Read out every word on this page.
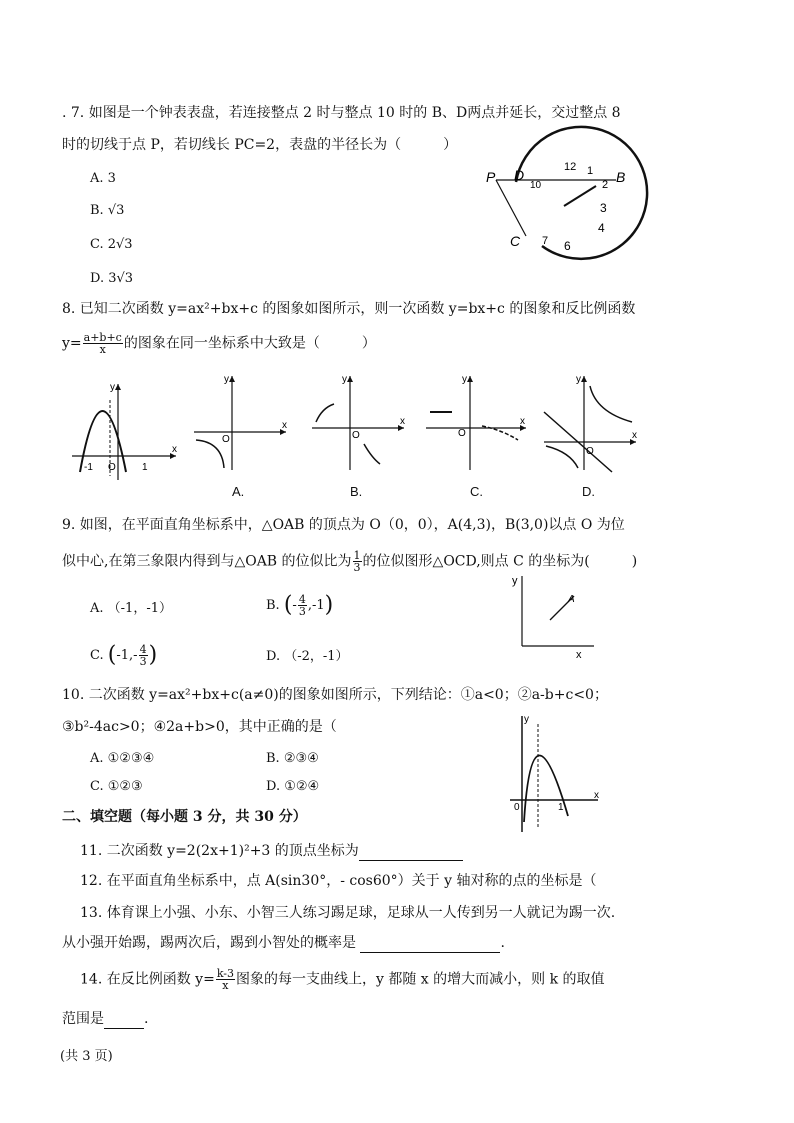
. 7. 如图是一个钟表表盘，若连接整点 2 时与整点 10 时的 B、D两点并延长，交过整点 8
时的切线于点 P，若切线长 PC=2，表盘的半径长为（　　　）
A. 3
B. √3
C. 2√3
D. 3√3
P D	B
C
10
12 1
2
3
4
6
7
8. 已知二次函数 y=ax²+bx+c 的图象如图所示，则一次函数 y=bx+c 的图象和反比例函数
$y= \frac{a+b+c}{x}$ 的图象在同一坐标系中大致是（　　　）
y
x
-1 O	1
y
x
O
y
x
O
y
x
O
y
x
O
A.	B.	C.	D.
9. 如图，在平面直角坐标系中，△OAB 的顶点为 O（0，0），A(4,3)，B(3,0)以点 O 为位
似中心,在第三象限内得到与△OAB 的位似比为 $\frac{1}{3}$ 的位似图形△OCD,则点 C 的坐标为(　　　)
A. （-1，-1）	B. (- $\frac{4}{3} ,-1$)
C. ($-1,- \frac{4}{3}$ )	D. （-2，-1）
y
x
A
10. 二次函数 y=ax²+bx+c(a≠0)的图象如图所示，下列结论：①a<0；②a-b+c<0；
③b²-4ac>0；④2a+b>0，其中正确的是（
A. ①②③④	B. ②③④
C. ①②③	D. ①②④
y
x
0	1
二、填空题（每小题 3 分，共 30 分）
11. 二次函数 y=2(2x+1)²+3 的顶点坐标为
12. 在平面直角坐标系中，点 A(sin30°，- cos60°）关于 y 轴对称的点的坐标是（
13. 体育课上小强、小东、小智三人练习踢足球，足球从一人传到另一人就记为踢一次.
从小强开始踢，踢两次后，踢到小智处的概率是	.
14. 在反比例函数 $y= \frac{k-3}{x}$ 图象的每一支曲线上，y 都随 x 的增大而减小，则 k 的取值
范围是	.
(共 3 页)
